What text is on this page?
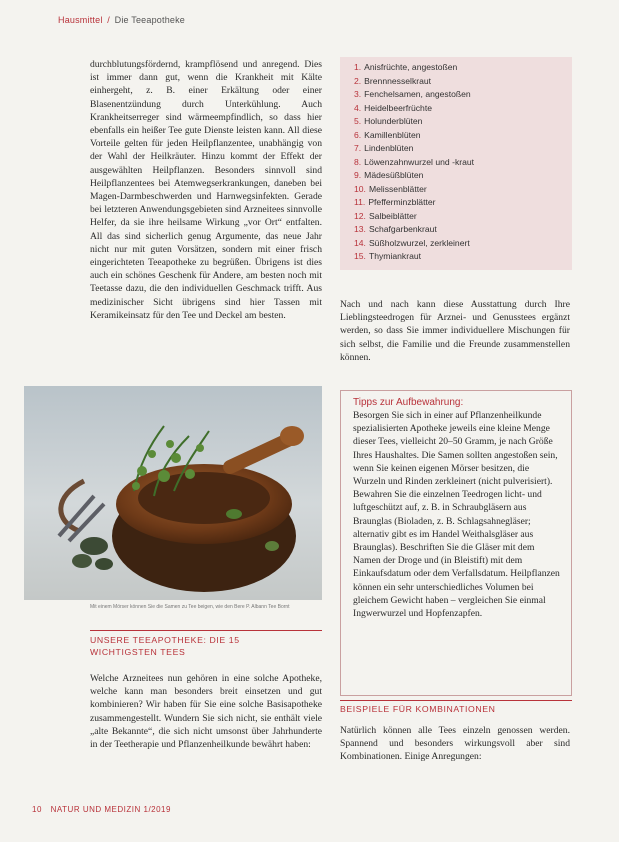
Hausmittel / Die Teeapotheke
durchblutungsfördernd, krampflösend und anregend. Dies ist immer dann gut, wenn die Krankheit mit Kälte einhergeht, z. B. einer Erkältung oder einer Blasenentzündung durch Unterkühlung. Auch Krankheitserreger sind wärmeempfindlich, so dass hier ebenfalls ein heißer Tee gute Dienste leisten kann. All diese Vorteile gelten für jeden Heilpflanzentee, unabhängig von der Wahl der Heilkräuter. Hinzu kommt der Effekt der ausgewählten Heilpflanzen. Besonders sinnvoll sind Heilpflanzentees bei Atemwegserkrankungen, daneben bei Magen-Darmbeschwerden und Harnwegsinfekten. Gerade bei letzteren Anwendungsgebieten sind Arzneitees sinnvolle Helfer, da sie ihre heilsame Wirkung „vor Ort“ entfalten. All das sind sicherlich genug Argumente, das neue Jahr nicht nur mit guten Vorsätzen, sondern mit einer frisch eingerichteten Teeapotheke zu begrüßen. Übrigens ist dies auch ein schönes Geschenk für Andere, am besten noch mit Teetasse dazu, die den individuellen Geschmack trifft. Aus medizinischer Sicht übrigens sind hier Tassen mit Keramikeinsatz für den Tee und Deckel am besten.
1. Anisfrüchte, angestoßen
2. Brennnesselkraut
3. Fenchelsamen, angestoßen
4. Heidelbeerfrüchte
5. Holunderblüten
6. Kamillenblüten
7. Lindenblüten
8. Löwenzahnwurzel und -kraut
9. Mädesüßblüten
10. Melissenblätter
11. Pfefferminzblätter
12. Salbeiblätter
13. Schafgarbenkraut
14. Süßholzwurzel, zerkleinert
15. Thymiankraut
Nach und nach kann diese Ausstattung durch Ihre Lieblingsteedrogen für Arznei- und Genusstees ergänzt werden, so dass Sie immer individuellere Mischungen für sich selbst, die Familie und die Freunde zusammenstellen können.
Mit einem Mörser können Sie die Samen zu Tee beigen, wie den Bere P. Albann Tee Bornt
UNSERE TEEAPOTHEKE: DIE 15
WICHTIGSTEN TEES
Welche Arzneitees nun gehören in eine solche Apotheke, welche kann man besonders breit einsetzen und gut kombinieren? Wir haben für Sie eine solche Basisapotheke zusammengestellt. Wundern Sie sich nicht, sie enthält viele „alte Bekannte“, die sich nicht umsonst über Jahrhunderte in der Teetherapie und Pflanzenheilkunde bewährt haben:
Tipps zur Aufbewahrung:
Besorgen Sie sich in einer auf Pflanzenheilkunde spezialisierten Apotheke jeweils eine kleine Menge dieser Tees, vielleicht 20–50 Gramm, je nach Größe Ihres Haushaltes. Die Samen sollten angestoßen sein, wenn Sie keinen eigenen Mörser besitzen, die Wurzeln und Rinden zerkleinert (nicht pulverisiert). Bewahren Sie die einzelnen Teedrogen licht- und luftgeschützt auf, z. B. in Schraubgläsern aus Braunglas (Bioladen, z. B. Schlagsahnegläser; alternativ gibt es im Handel Weithalsgläser aus Braunglas). Beschriften Sie die Gläser mit dem Namen der Droge und (in Bleistift) mit dem Einkaufsdatum oder dem Verfallsdatum. Heilpflanzen können ein sehr unterschiedliches Volumen bei gleichem Gewicht haben – vergleichen Sie einmal Ingwerwurzel und Hopfenzapfen.
BEISPIELE FÜR KOMBINATIONEN
Natürlich können alle Tees einzeln genossen werden. Spannend und besonders wirkungsvoll aber sind Kombinationen. Einige Anregungen:
10 NATUR UND MEDIZIN 1/2019
